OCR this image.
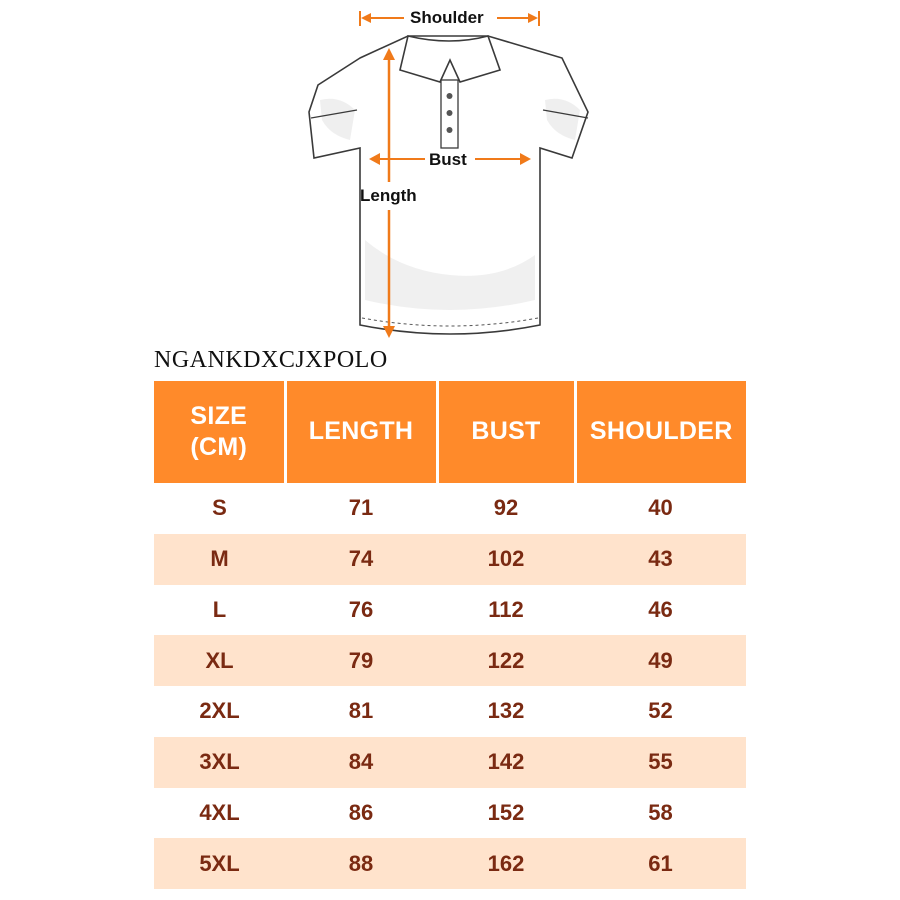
Shoulder
Bust
Length
NGANKDXCJXPOLO
SIZE
(CM)	LENGTH	BUST	SHOULDER
S	71	92	40
M	74	102	43
L	76	112	46
XL	79	122	49
2XL	81	132	52
3XL	84	142	55
4XL	86	152	58
5XL	88	162	61
